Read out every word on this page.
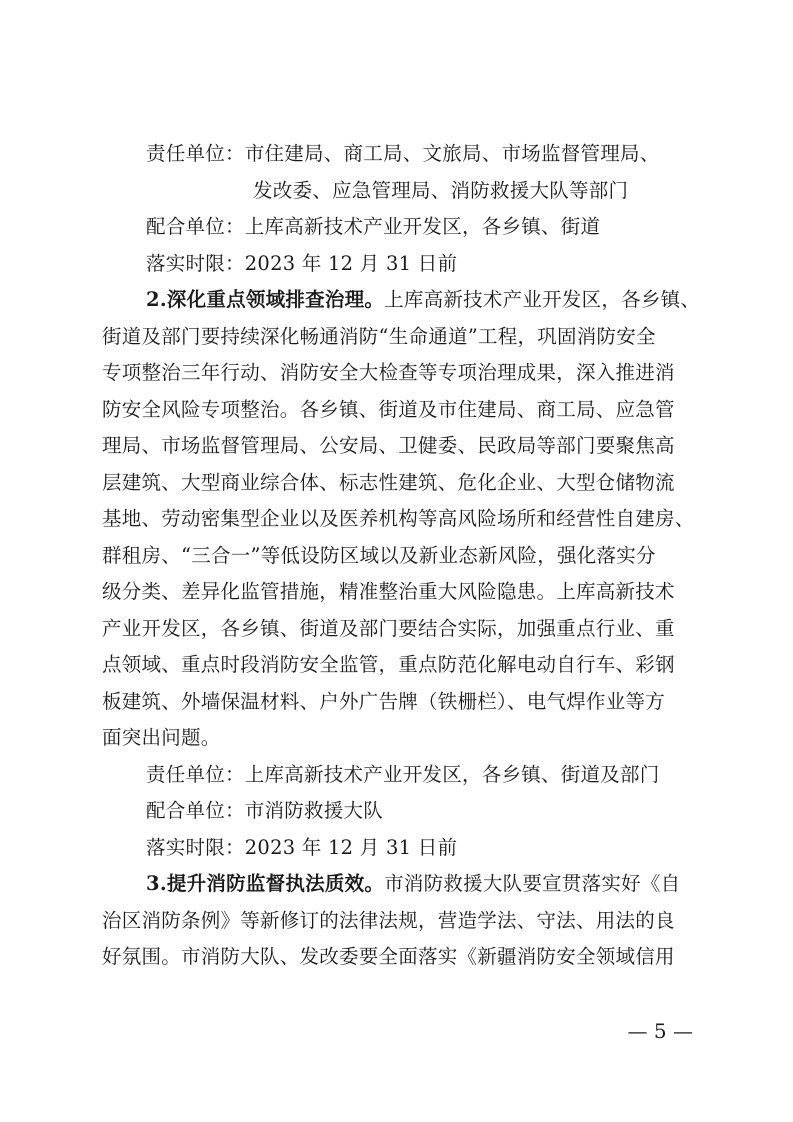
责任单位：市住建局、商工局、文旅局、市场监督管理局、
发改委、应急管理局、消防救援大队等部门
配合单位：上库高新技术产业开发区，各乡镇、街道
落实时限：2023 年 12 月 31 日前
2.深化重点领域排查治理。上库高新技术产业开发区，各乡镇、
街道及部门要持续深化畅通消防“生命通道”工程，巩固消防安全
专项整治三年行动、消防安全大检查等专项治理成果，深入推进消
防安全风险专项整治。各乡镇、街道及市住建局、商工局、应急管
理局、市场监督管理局、公安局、卫健委、民政局等部门要聚焦高
层建筑、大型商业综合体、标志性建筑、危化企业、大型仓储物流
基地、劳动密集型企业以及医养机构等高风险场所和经营性自建房、
群租房、“三合一”等低设防区域以及新业态新风险，强化落实分
级分类、差异化监管措施，精准整治重大风险隐患。上库高新技术
产业开发区，各乡镇、街道及部门要结合实际，加强重点行业、重
点领域、重点时段消防安全监管，重点防范化解电动自行车、彩钢
板建筑、外墙保温材料、户外广告牌（铁栅栏）、电气焊作业等方
面突出问题。
责任单位：上库高新技术产业开发区，各乡镇、街道及部门
配合单位：市消防救援大队
落实时限：2023 年 12 月 31 日前
3.提升消防监督执法质效。市消防救援大队要宣贯落实好《自
治区消防条例》等新修订的法律法规，营造学法、守法、用法的良
好氛围。市消防大队、发改委要全面落实《新疆消防安全领域信用
— 5 —
